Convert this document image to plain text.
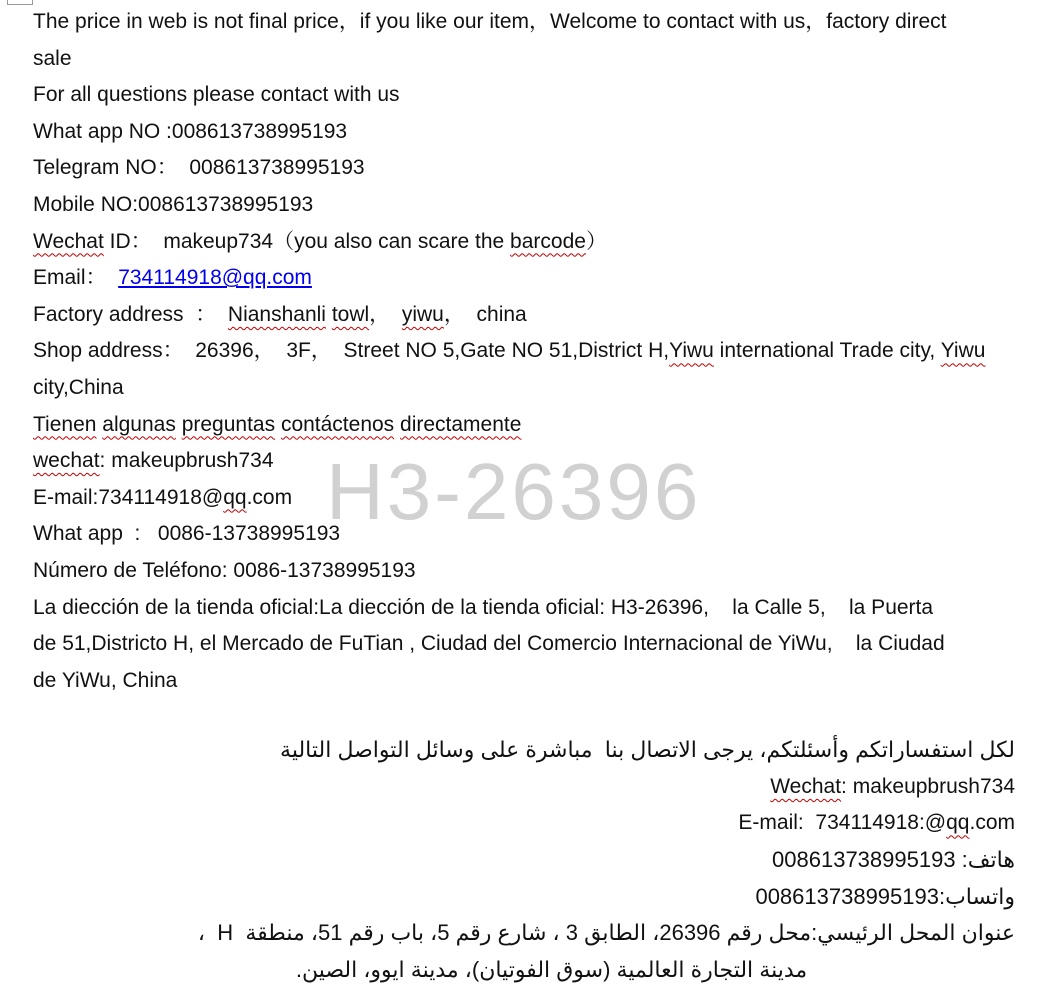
H3-26396
The price in web is not final price，if you like our item，Welcome to contact with us，factory direct
sale
For all questions please contact with us
What app NO :008613738995193
Telegram NO：  008613738995193
Mobile NO:008613738995193
Wechat ID：  makeup734（you also can scare the barcode）
Email：  734114918@qq.com
Factory address  ：  Nianshanli towl，  yiwu，  china
Shop address：  26396，  3F，  Street NO 5,Gate NO 51,District H,Yiwu international Trade city, Yiwu
city,China
Tienen algunas preguntas contáctenos directamente
wechat: makeupbrush734
E-mail:734114918@qq.com
What app  :   0086-13738995193
Número de Teléfono: 0086-13738995193
La diección de la tienda oficial:La diección de la tienda oficial: H3-26396,    la Calle 5,    la Puerta
de 51,Districto H, el Mercado de FuTian , Ciudad del Comercio Internacional de YiWu,    la Ciudad
de YiWu, China
لكل استفساراتكم وأسئلتكم، يرجى الاتصال بنا  مباشرة على وسائل التواصل التالية
Wechat: makeupbrush734
E-mail:  734114918:@qq.com
هاتف: 008613738995193
واتساب:008613738995193
عنوان المحل الرئيسي:محل رقم 26396، الطابق 3 ، شارع رقم 5، باب رقم 51، منطقة  H  ،
مدينة التجارة العالمية (سوق الفوتيان)، مدينة ايوو، الصين.
